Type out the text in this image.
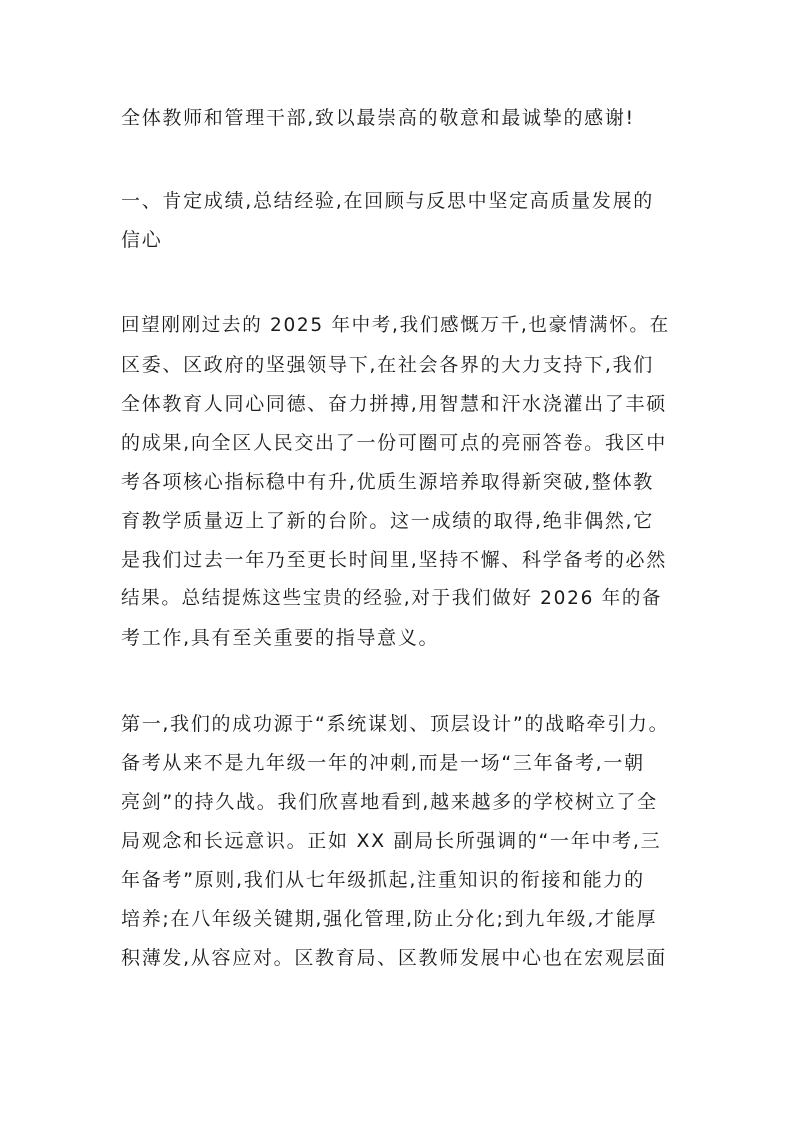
全体教师和管理干部,致以最崇高的敬意和最诚挚的感谢!
一、肯定成绩,总结经验,在回顾与反思中坚定高质量发展的
信心
回望刚刚过去的 2025 年中考,我们感慨万千,也豪情满怀。在
区委、区政府的坚强领导下,在社会各界的大力支持下,我们
全体教育人同心同德、奋力拼搏,用智慧和汗水浇灌出了丰硕
的成果,向全区人民交出了一份可圈可点的亮丽答卷。我区中
考各项核心指标稳中有升,优质生源培养取得新突破,整体教
育教学质量迈上了新的台阶。这一成绩的取得,绝非偶然,它
是我们过去一年乃至更长时间里,坚持不懈、科学备考的必然
结果。总结提炼这些宝贵的经验,对于我们做好 2026 年的备
考工作,具有至关重要的指导意义。
第一,我们的成功源于“系统谋划、顶层设计”的战略牵引力。
备考从来不是九年级一年的冲刺,而是一场“三年备考,一朝
亮剑”的持久战。我们欣喜地看到,越来越多的学校树立了全
局观念和长远意识。正如 XX 副局长所强调的“一年中考,三
年备考”原则,我们从七年级抓起,注重知识的衔接和能力的
培养;在八年级关键期,强化管理,防止分化;到九年级,才能厚
积薄发,从容应对。区教育局、区教师发展中心也在宏观层面
